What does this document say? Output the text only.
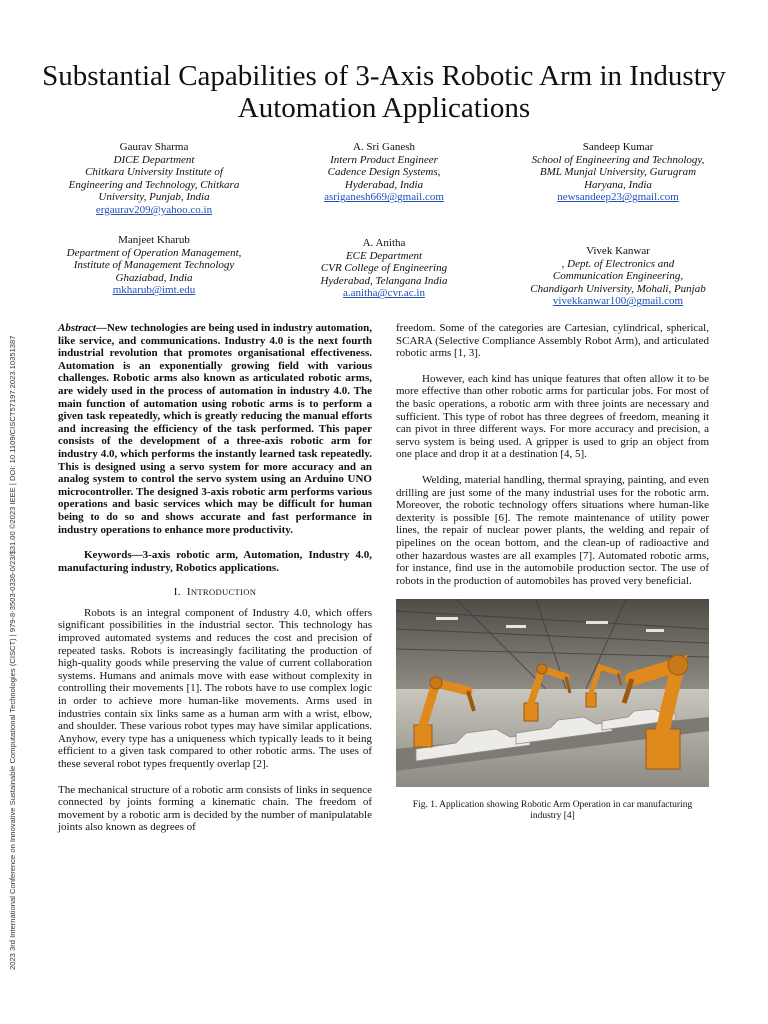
2023 3rd International Conference on Innovative Sustainable Computational Technologies (CISCT) | 979-8-3503-0336-0/23/$31.00 ©2023 IEEE | DOI: 10.1109/CISCT57197.2023.10351387
Substantial Capabilities of 3-Axis Robotic Arm in Industry Automation Applications
Gaurav Sharma
DICE Department
Chitkara University Institute of
Engineering and Technology, Chitkara
University, Punjab, India
ergaurav209@yahoo.co.in
A. Sri Ganesh
Intern Product Engineer
Cadence Design Systems,
Hyderabad, India
asriganesh669@gmail.com
Sandeep Kumar
School of Engineering and Technology,
BML Munjal University, Gurugram
Haryana, India
newsandeep23@gmail.com
Manjeet Kharub
Department of Operation Management,
Institute of Management Technology
Ghaziabad, India
mkharub@imt.edu
A. Anitha
ECE Department
CVR College of Engineering
Hyderabad, Telangana India
a.anitha@cvr.ac.in
Vivek Kanwar
, Dept. of Electronics and
Communication Engineering,
Chandigarh University, Mohali, Punjab
vivekkanwar100@gmail.com

Abstract—New technologies are being used in industry automation, like service, and communications. Industry 4.0 is the next fourth industrial revolution that promotes organisational effectiveness. Automation is an exponentially growing field with various challenges. Robotic arms also known as articulated robotic arms, are widely used in the process of automation in industry 4.0. The main function of automation using robotic arms is to perform a given task repeatedly, which is greatly reducing the manual efforts and increasing the efficiency of the task performed. This paper consists of the development of a three-axis robotic arm for industry 4.0, which performs the instantly learned task repeatedly. This is designed using a servo system for more accuracy and an analog system to control the servo system using an Arduino UNO microcontroller. The designed 3-axis robotic arm performs various operations and basic services which may be difficult for human being to do so and shows accurate and fast performance in industry operations to enhance more productivity.

Keywords—3-axis robotic arm, Automation, Industry 4.0, manufacturing industry, Robotics applications.

I. INTRODUCTION

Robots is an integral component of Industry 4.0, which offers significant possibilities in the industrial sector. This technology has improved automated systems and reduces the cost and precision of repeated tasks. Robots is increasingly facilitating the production of high-quality goods while preserving the value of current collaboration systems. Humans and animals move with ease without complexity in controlling their movements [1]. The robots have to use complex logic in order to achieve more human-like movements. Arms used in industries contain six links same as a human arm with a wrist, elbow, and shoulder. These various robot types may have similar applications. Anyhow, every type has a uniqueness which typically leads to it being efficient to a given task compared to other robotic arms. The uses of these several robot types frequently overlap [2].

The mechanical structure of a robotic arm consists of links in sequence connected by joints forming a kinematic chain. The freedom of movement by a robotic arm is decided by the number of manipulatable joints also known as degrees of

freedom. Some of the categories are Cartesian, cylindrical, spherical, SCARA (Selective Compliance Assembly Robot Arm), and articulated robotic arms [1, 3].

However, each kind has unique features that often allow it to be more effective than other robotic arms for particular jobs. For most of the basic operations, a robotic arm with three joints are necessary and sufficient. This type of robot has three degrees of freedom, meaning it can pivot in three different ways. For more accuracy and precision, a servo system is being used. A gripper is used to grip an object from one place and drop it at a destination [4, 5].

Welding, material handling, thermal spraying, painting, and even drilling are just some of the many industrial uses for the robotic arm. Moreover, the robotic technology offers situations where human-like dexterity is possible [6]. The remote maintenance of utility power lines, the repair of nuclear power plants, the welding and repair of pipelines on the ocean bottom, and the clean-up of radioactive and other hazardous wastes are all examples [7]. Automated robotic arms, for instance, find use in the automobile production sector. The use of robots in the production of automobiles has proved very beneficial.

Fig. 1. Application showing Robotic Arm Operation in car manufacturing industry [4]
